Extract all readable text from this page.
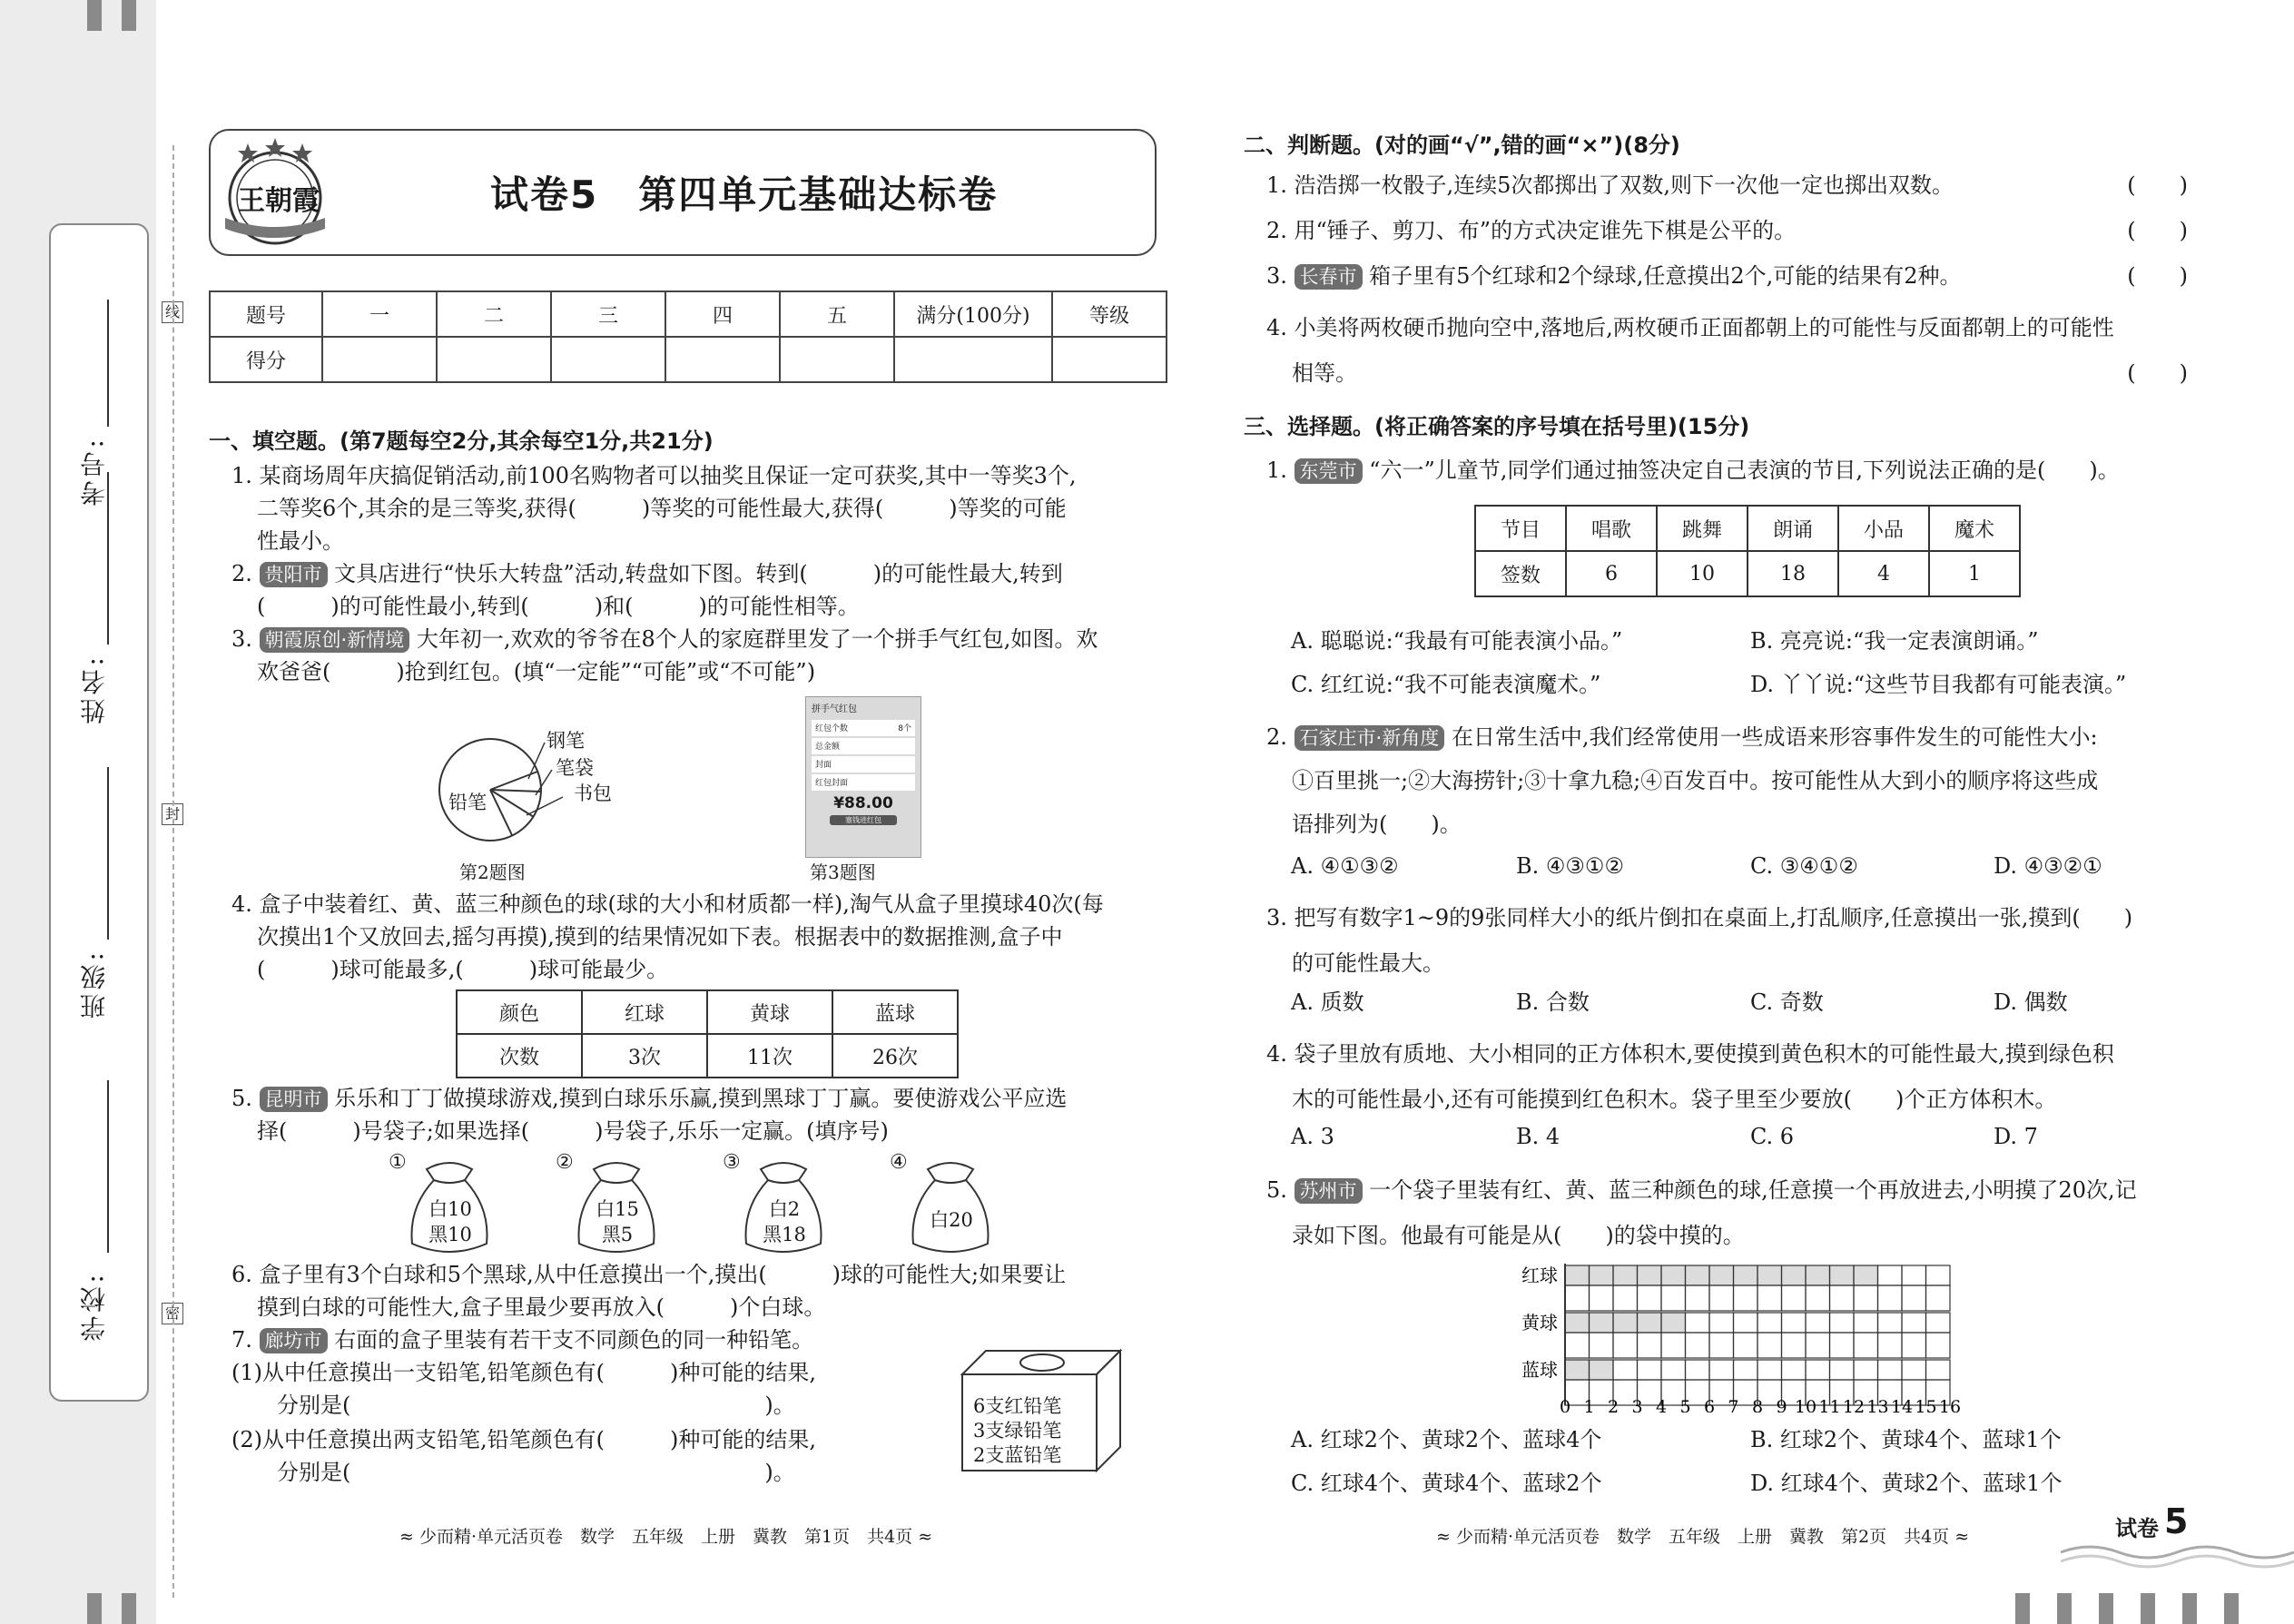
学校:
班级:
姓名:
考号:
线
封
密
王朝霞	试卷5　第四单元基础达标卷
题号	一	二	三	四	五	满分(100分)	等级
得分							
一、填空题。(第7题每空2分,其余每空1分,共21分)
1. 某商场周年庆搞促销活动,前100名购物者可以抽奖且保证一定可获奖,其中一等奖3个,
二等奖6个,其余的是三等奖,获得(　　　)等奖的可能性最大,获得(　　　)等奖的可能
性最小。
2. 贵阳市 文具店进行“快乐大转盘”活动,转盘如下图。转到(　　　)的可能性最大,转到
(　　　)的可能性最小,转到(　　　)和(　　　)的可能性相等。
3. 朝霞原创·新情境 大年初一,欢欢的爷爷在8个人的家庭群里发了一个拼手气红包,如图。欢
欢爸爸(　　　)抢到红包。(填“一定能”“可能”或“不可能”)
钢笔
笔袋
书包
铅笔
第2题图
拼手气红包
红包个数	8个
总金额
封面
红包封面
¥88.00
塞钱进红包
第3题图
4. 盒子中装着红、黄、蓝三种颜色的球(球的大小和材质都一样),淘气从盒子里摸球40次(每
次摸出1个又放回去,摇匀再摸),摸到的结果情况如下表。根据表中的数据推测,盒子中
(　　　)球可能最多,(　　　)球可能最少。
颜色	红球	黄球	蓝球
次数	3次	11次	26次
5. 昆明市 乐乐和丁丁做摸球游戏,摸到白球乐乐赢,摸到黑球丁丁赢。要使游戏公平应选
择(　　　)号袋子;如果选择(　　　)号袋子,乐乐一定赢。(填序号)
①	②	③	④
白10
黑10
白15
黑5
白2
黑18
白20
6. 盒子里有3个白球和5个黑球,从中任意摸出一个,摸出(　　　)球的可能性大;如果要让
摸到白球的可能性大,盒子里最少要再放入(　　　)个白球。
7. 廊坊市 右面的盒子里装有若干支不同颜色的同一种铅笔。
(1)从中任意摸出一支铅笔,铅笔颜色有(　　　)种可能的结果,
分别是(　　　　　　　　　　　　　　　　　　　)。
(2)从中任意摸出两支铅笔,铅笔颜色有(　　　)种可能的结果,
分别是(　　　　　　　　　　　　　　　　　　　)。
6支红铅笔
3支绿铅笔
2支蓝铅笔
≈ 少而精·单元活页卷　数学　五年级　上册　冀教　第1页　共4页 ≈
二、判断题。(对的画“√”,错的画“×”)(8分)
1. 浩浩掷一枚骰子,连续5次都掷出了双数,则下一次他一定也掷出双数。	(　　)
2. 用“锤子、剪刀、布”的方式决定谁先下棋是公平的。	(　　)
3. 长春市 箱子里有5个红球和2个绿球,任意摸出2个,可能的结果有2种。	(　　)
4. 小美将两枚硬币抛向空中,落地后,两枚硬币正面都朝上的可能性与反面都朝上的可能性
相等。	(　　)
三、选择题。(将正确答案的序号填在括号里)(15分)
1. 东莞市 “六一”儿童节,同学们通过抽签决定自己表演的节目,下列说法正确的是(　　)。
节目	唱歌	跳舞	朗诵	小品	魔术
签数	6	10	18	4	1
A. 聪聪说:“我最有可能表演小品。”	B. 亮亮说:“我一定表演朗诵。”
C. 红红说:“我不可能表演魔术。”	D. 丫丫说:“这些节目我都有可能表演。”
2. 石家庄市·新角度 在日常生活中,我们经常使用一些成语来形容事件发生的可能性大小:
①百里挑一;②大海捞针;③十拿九稳;④百发百中。按可能性从大到小的顺序将这些成
语排列为(　　)。
A. ④①③②	B. ④③①②	C. ③④①②	D. ④③②①
3. 把写有数字1~9的9张同样大小的纸片倒扣在桌面上,打乱顺序,任意摸出一张,摸到(　　)
的可能性最大。
A. 质数	B. 合数	C. 奇数	D. 偶数
4. 袋子里放有质地、大小相同的正方体积木,要使摸到黄色积木的可能性最大,摸到绿色积
木的可能性最小,还有可能摸到红色积木。袋子里至少要放(　　)个正方体积木。
A. 3	B. 4	C. 6	D. 7
5. 苏州市 一个袋子里装有红、黄、蓝三种颜色的球,任意摸一个再放进去,小明摸了20次,记
录如下图。他最有可能是从(　　)的袋中摸的。
红球
黄球
蓝球
0 1 2 3 4 5 6 7 8 9 10 11 12 13 14 15 16
A. 红球2个、黄球2个、蓝球4个	B. 红球2个、黄球4个、蓝球1个
C. 红球4个、黄球4个、蓝球2个	D. 红球4个、黄球2个、蓝球1个
≈ 少而精·单元活页卷　数学　五年级　上册　冀教　第2页　共4页 ≈	试卷 5
